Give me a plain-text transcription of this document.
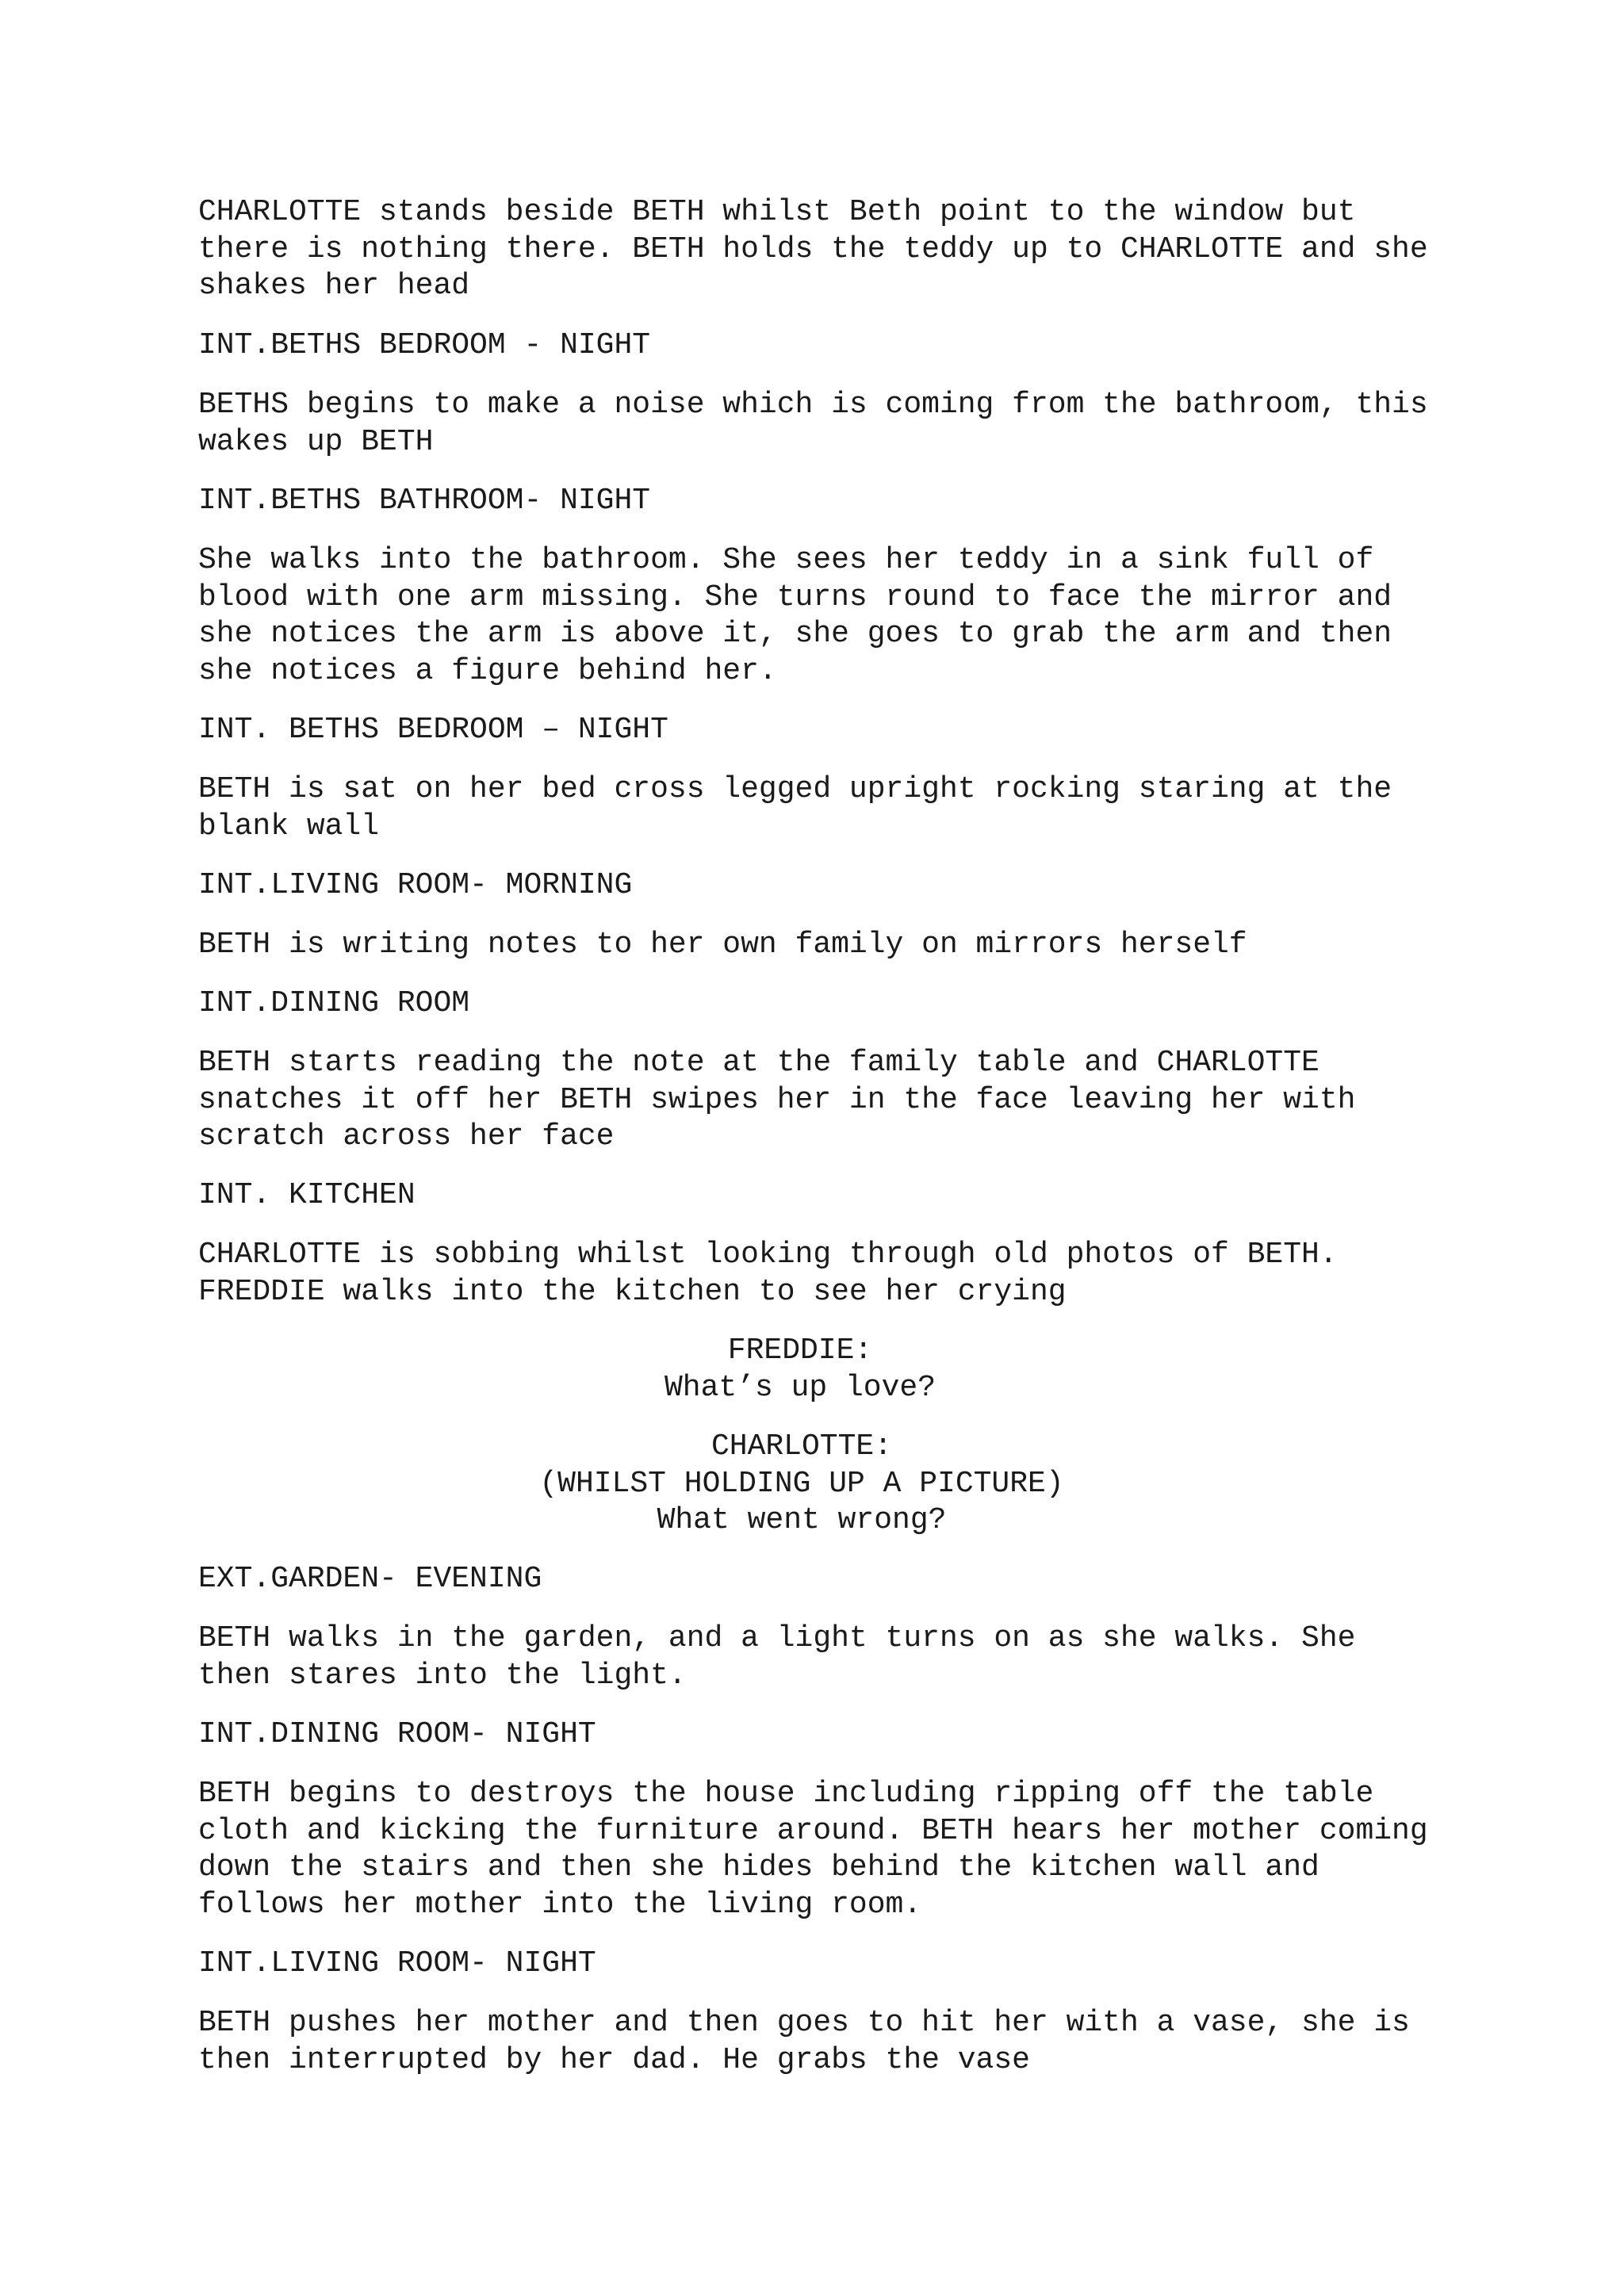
CHARLOTTE stands beside BETH whilst Beth point to the window but
there is nothing there. BETH holds the teddy up to CHARLOTTE and she
shakes her head

INT.BETHS BEDROOM - NIGHT

BETHS begins to make a noise which is coming from the bathroom, this
wakes up BETH

INT.BETHS BATHROOM- NIGHT

She walks into the bathroom. She sees her teddy in a sink full of
blood with one arm missing. She turns round to face the mirror and
she notices the arm is above it, she goes to grab the arm and then
she notices a figure behind her.

INT. BETHS BEDROOM – NIGHT

BETH is sat on her bed cross legged upright rocking staring at the
blank wall

INT.LIVING ROOM- MORNING

BETH is writing notes to her own family on mirrors herself

INT.DINING ROOM

BETH starts reading the note at the family table and CHARLOTTE
snatches it off her BETH swipes her in the face leaving her with
scratch across her face

INT. KITCHEN

CHARLOTTE is sobbing whilst looking through old photos of BETH.
FREDDIE walks into the kitchen to see her crying

FREDDIE:
What’s up love?
CHARLOTTE:
(WHILST HOLDING UP A PICTURE)
What went wrong?

EXT.GARDEN- EVENING

BETH walks in the garden, and a light turns on as she walks. She
then stares into the light.

INT.DINING ROOM- NIGHT

BETH begins to destroys the house including ripping off the table
cloth and kicking the furniture around. BETH hears her mother coming
down the stairs and then she hides behind the kitchen wall and
follows her mother into the living room.

INT.LIVING ROOM- NIGHT

BETH pushes her mother and then goes to hit her with a vase, she is
then interrupted by her dad. He grabs the vase
